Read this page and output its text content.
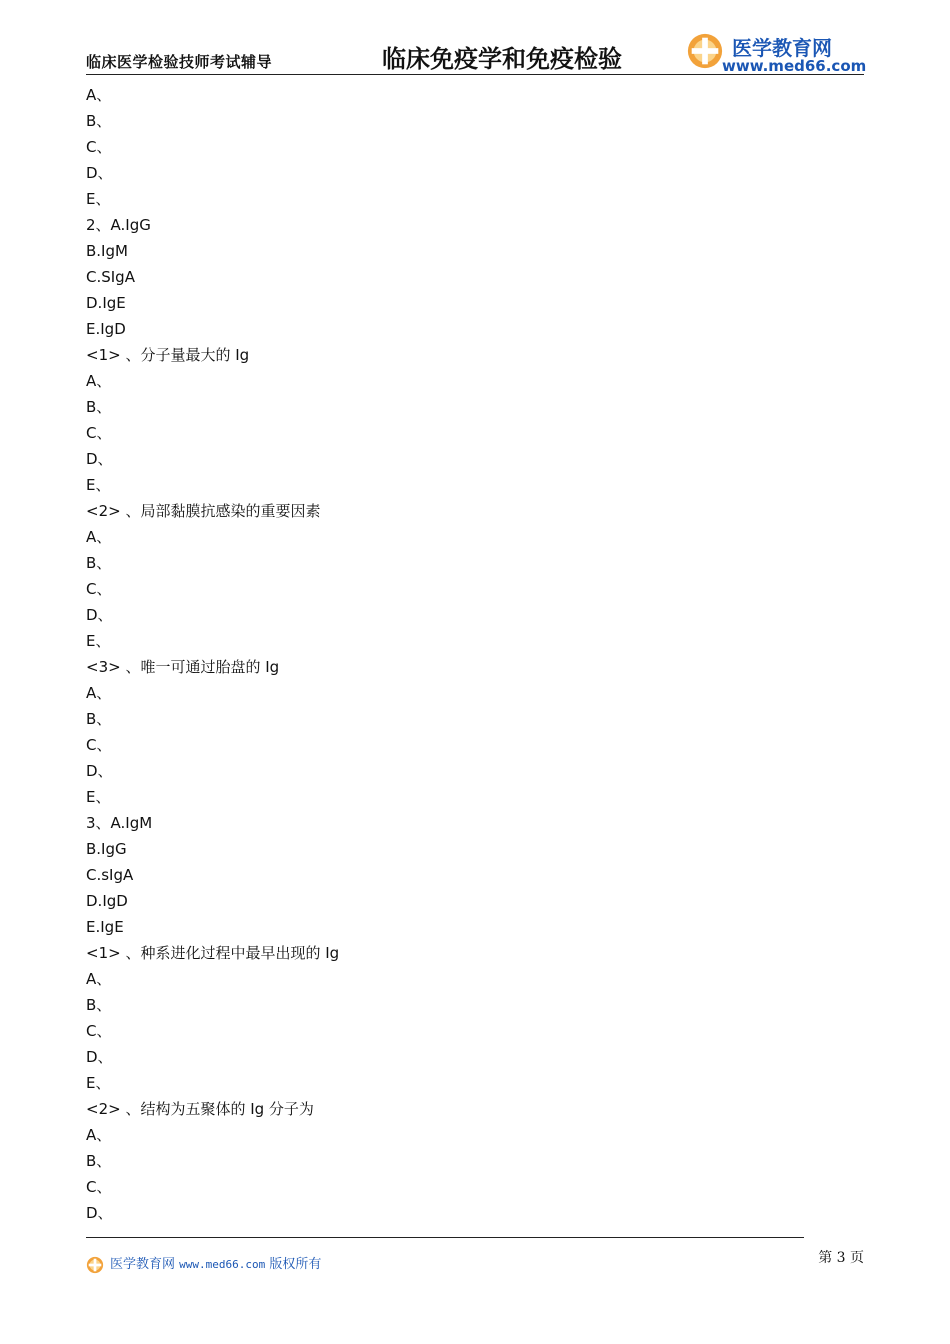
临床医学检验技师考试辅导	临床免疫学和免疫检验	医学教育网
www.med66.com
A、
B、
C、
D、
E、
2、A.IgG
B.IgM
C.SIgA
D.IgE
E.IgD
<1> 、分子量最大的 Ig
A、
B、
C、
D、
E、
<2> 、局部黏膜抗感染的重要因素
A、
B、
C、
D、
E、
<3> 、唯一可通过胎盘的 Ig
A、
B、
C、
D、
E、
3、A.IgM
B.IgG
C.sIgA
D.IgD
E.IgE
<1> 、种系进化过程中最早出现的 Ig
A、
B、
C、
D、
E、
<2> 、结构为五聚体的 Ig 分子为
A、
B、
C、
D、
第 3 页
医学教育网 www.med66.com 版权所有
